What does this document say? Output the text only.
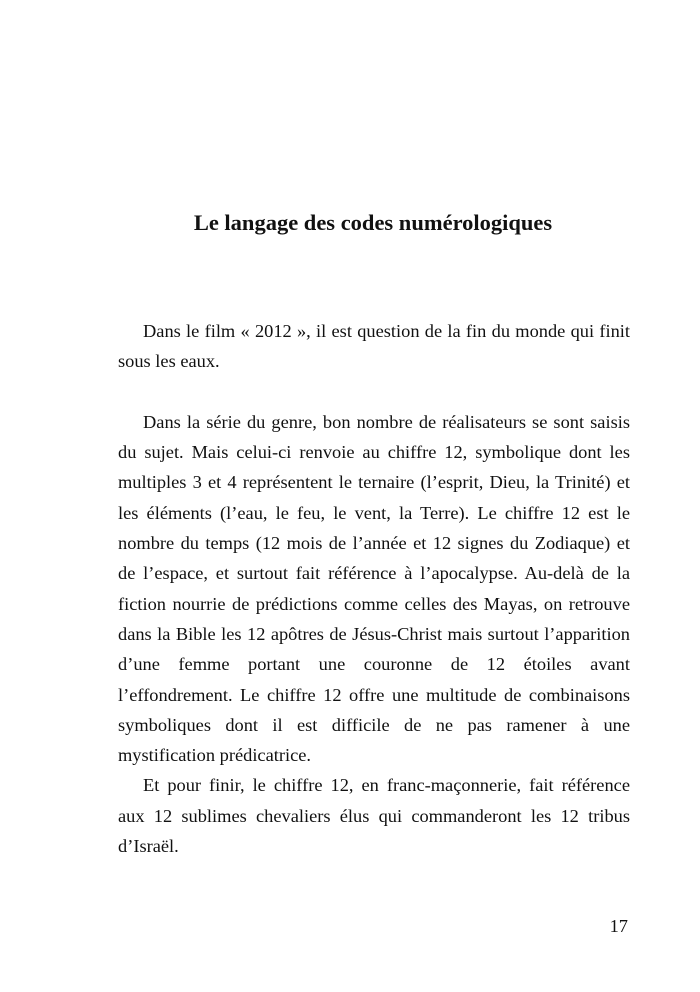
Le langage des codes numérologiques

Dans le film « 2012 », il est question de la fin du monde qui finit sous les eaux.

Dans la série du genre, bon nombre de réalisateurs se sont saisis du sujet. Mais celui-ci renvoie au chiffre 12, symbolique dont les multiples 3 et 4 représentent le ternaire (l’esprit, Dieu, la Trinité) et les éléments (l’eau, le feu, le vent, la Terre). Le chiffre 12 est le nombre du temps (12 mois de l’année et 12 signes du Zodiaque) et de l’espace, et surtout fait référence à l’apocalypse. Au-delà de la fiction nourrie de prédictions comme celles des Mayas, on retrouve dans la Bible les 12 apôtres de Jésus-Christ mais surtout l’apparition d’une femme portant une couronne de 12 étoiles avant l’effondrement. Le chiffre 12 offre une multitude de combinaisons symboliques dont il est difficile de ne pas ramener à une mystification prédicatrice.

Et pour finir, le chiffre 12, en franc-maçonnerie, fait référence aux 12 sublimes chevaliers élus qui commanderont les 12 tribus d’Israël.

17
